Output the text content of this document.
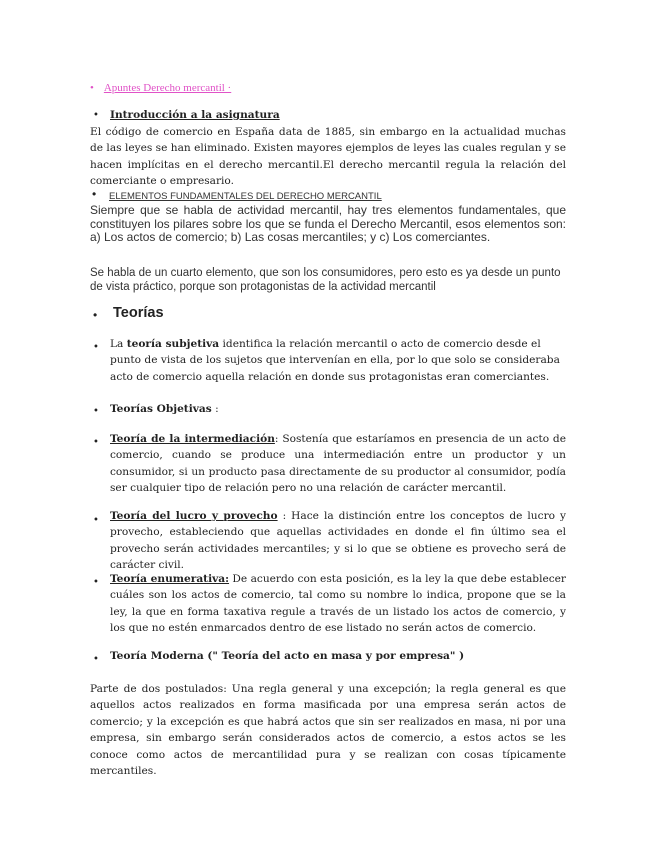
• Apuntes Derecho mercantil ·
• Introducción a la asignatura
El código de comercio en España data de 1885, sin embargo en la actualidad muchas de las leyes se han eliminado. Existen mayores ejemplos de leyes las cuales regulan y se hacen implícitas en el derecho mercantil.El derecho mercantil regula la relación del comerciante o empresario.
• ELEMENTOS FUNDAMENTALES DEL DERECHO MERCANTIL
Siempre que se habla de actividad mercantil, hay tres elementos fundamentales, que constituyen los pilares sobre los que se funda el Derecho Mercantil, esos elementos son: a) Los actos de comercio; b) Las cosas mercantiles; y c) Los comerciantes.
Se habla de un cuarto elemento, que son los consumidores, pero esto es ya desde un punto de vista práctico, porque son protagonistas de la actividad mercantil
• Teorías
• La teoría subjetiva identifica la relación mercantil o acto de comercio desde el punto de vista de los sujetos que intervenían en ella, por lo que solo se consideraba acto de comercio aquella relación en donde sus protagonistas eran comerciantes.
• Teorías Objetivas :
• Teoría de la intermediación: Sostenía que estaríamos en presencia de un acto de comercio, cuando se produce una intermediación entre un productor y un consumidor, si un producto pasa directamente de su productor al consumidor, podía ser cualquier tipo de relación pero no una relación de carácter mercantil.
• Teoría del lucro y provecho : Hace la distinción entre los conceptos de lucro y provecho, estableciendo que aquellas actividades en donde el fin último sea el provecho serán actividades mercantiles; y si lo que se obtiene es provecho será de carácter civil.
• Teoría enumerativa: De acuerdo con esta posición, es la ley la que debe establecer cuáles son los actos de comercio, tal como su nombre lo indica, propone que se la ley, la que en forma taxativa regule a través de un listado los actos de comercio, y los que no estén enmarcados dentro de ese listado no serán actos de comercio.
• Teoría Moderna (" Teoría del acto en masa y por empresa" )
Parte de dos postulados: Una regla general y una excepción; la regla general es que aquellos actos realizados en forma masificada por una empresa serán actos de comercio; y la excepción es que habrá actos que sin ser realizados en masa, ni por una empresa, sin embargo serán considerados actos de comercio, a estos actos se les conoce como actos de mercantilidad pura y se realizan con cosas típicamente mercantiles.
